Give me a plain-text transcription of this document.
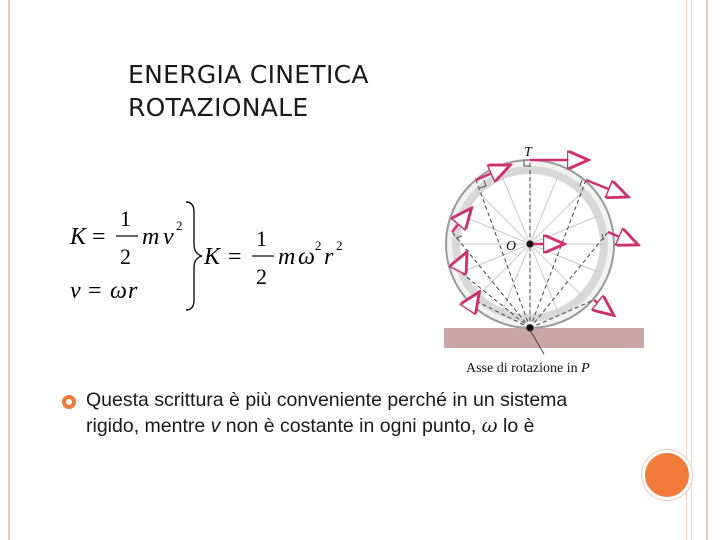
ENERGIA CINETICA
ROTAZIONALE
K =
1
2
m v 2
v = ω r
K =
1
2
m ω 2 r 2
T
O
Asse di rotazione in P
Questa scrittura è più conveniente perché in un sistema
rigido, mentre v non è costante in ogni punto, ω lo è
